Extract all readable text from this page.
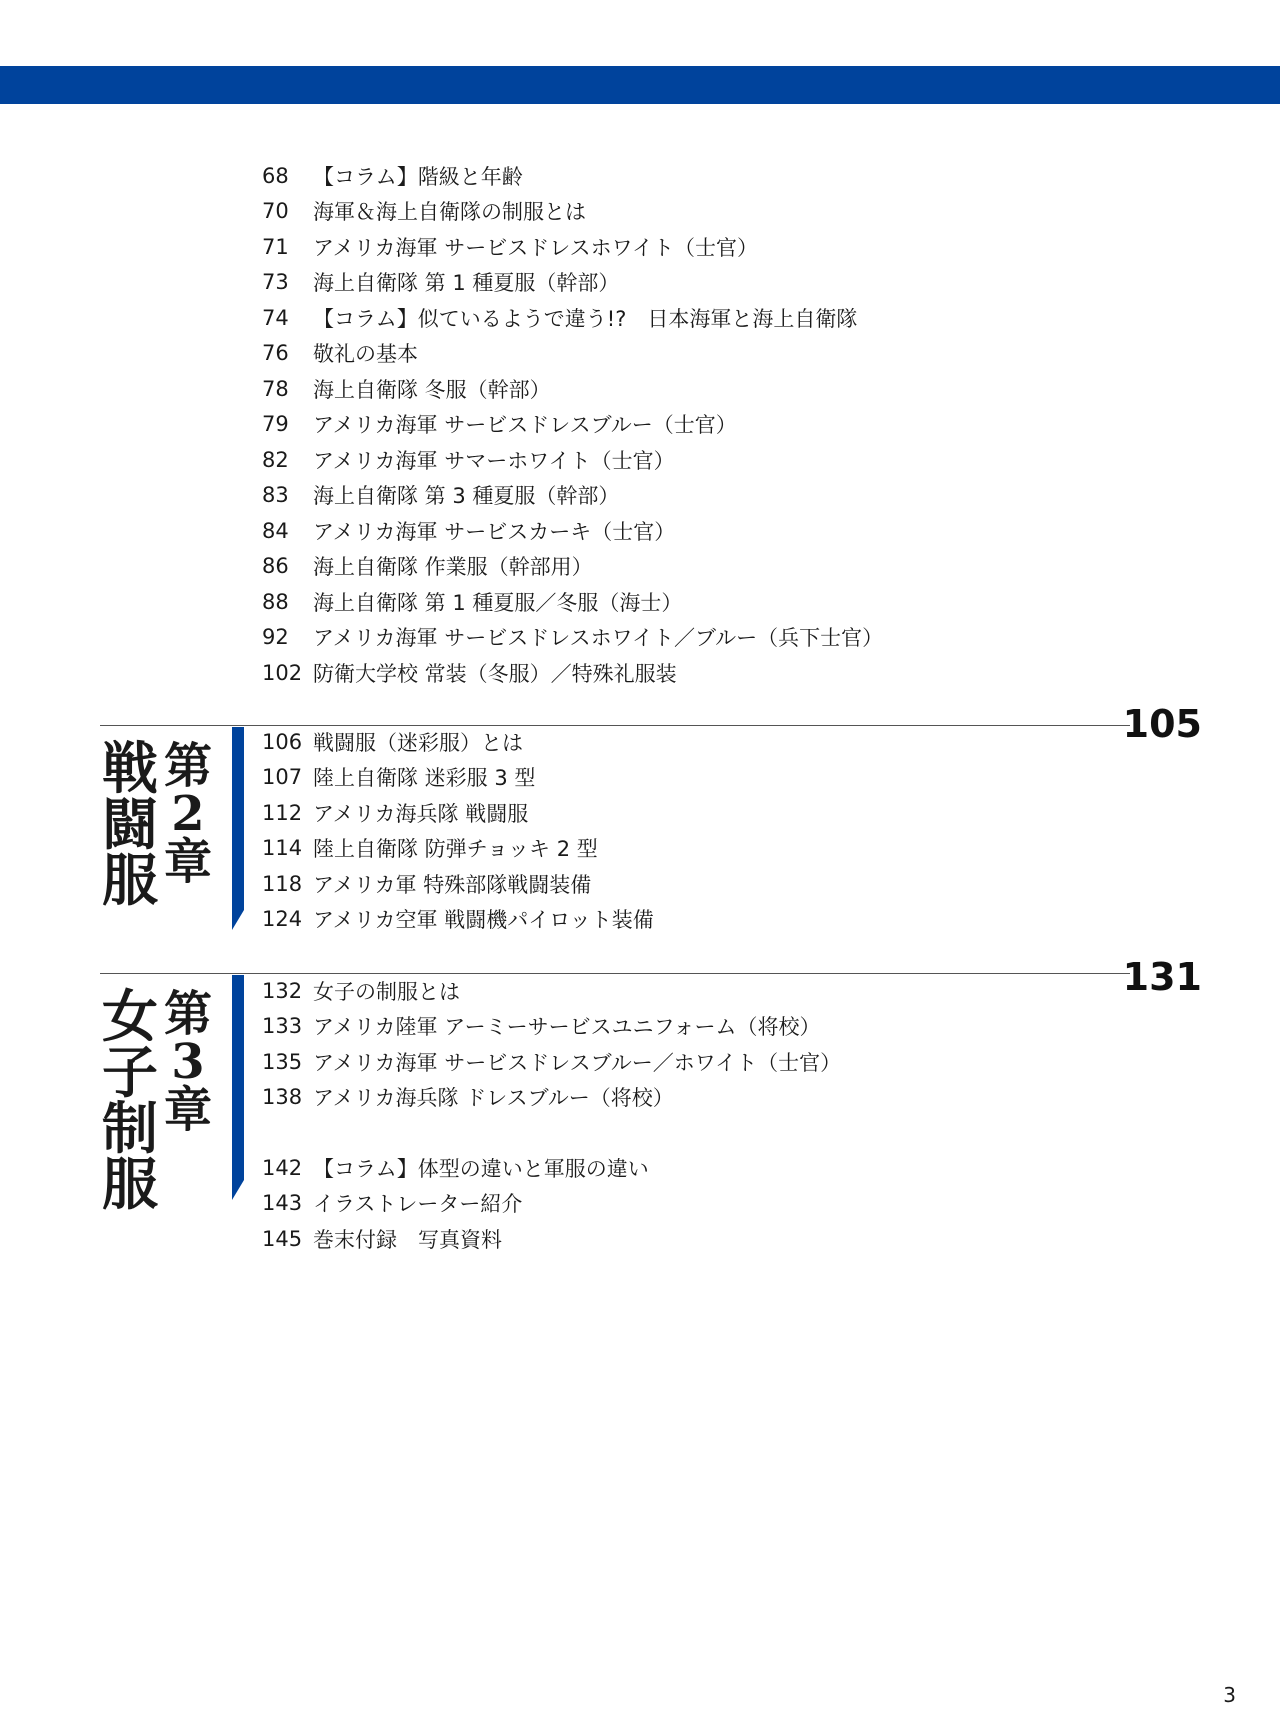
68	【コラム】階級と年齢
70	海軍＆海上自衛隊の制服とは
71	アメリカ海軍 サービスドレスホワイト（士官）
73	海上自衛隊 第 1 種夏服（幹部）
74	【コラム】似ているようで違う!?　日本海軍と海上自衛隊
76	敬礼の基本
78	海上自衛隊 冬服（幹部）
79	アメリカ海軍 サービスドレスブルー（士官）
82	アメリカ海軍 サマーホワイト（士官）
83	海上自衛隊 第 3 種夏服（幹部）
84	アメリカ海軍 サービスカーキ（士官）
86	海上自衛隊 作業服（幹部用）
88	海上自衛隊 第 1 種夏服／冬服（海士）
92	アメリカ海軍 サービスドレスホワイト／ブルー（兵下士官）
102 防衛大学校 常装（冬服）／特殊礼服装
105
第
2
章
戦
闘
服
106 戦闘服（迷彩服）とは
107 陸上自衛隊 迷彩服 3 型
112 アメリカ海兵隊 戦闘服
114 陸上自衛隊 防弾チョッキ 2 型
118 アメリカ軍 特殊部隊戦闘装備
124 アメリカ空軍 戦闘機パイロット装備
131
第
3
章
女
子
制
服
132 女子の制服とは
133 アメリカ陸軍 アーミーサービスユニフォーム（将校）
135 アメリカ海軍 サービスドレスブルー／ホワイト（士官）
138 アメリカ海兵隊 ドレスブルー（将校）
142 【コラム】体型の違いと軍服の違い
143 イラストレーター紹介
145 巻末付録　写真資料
3
